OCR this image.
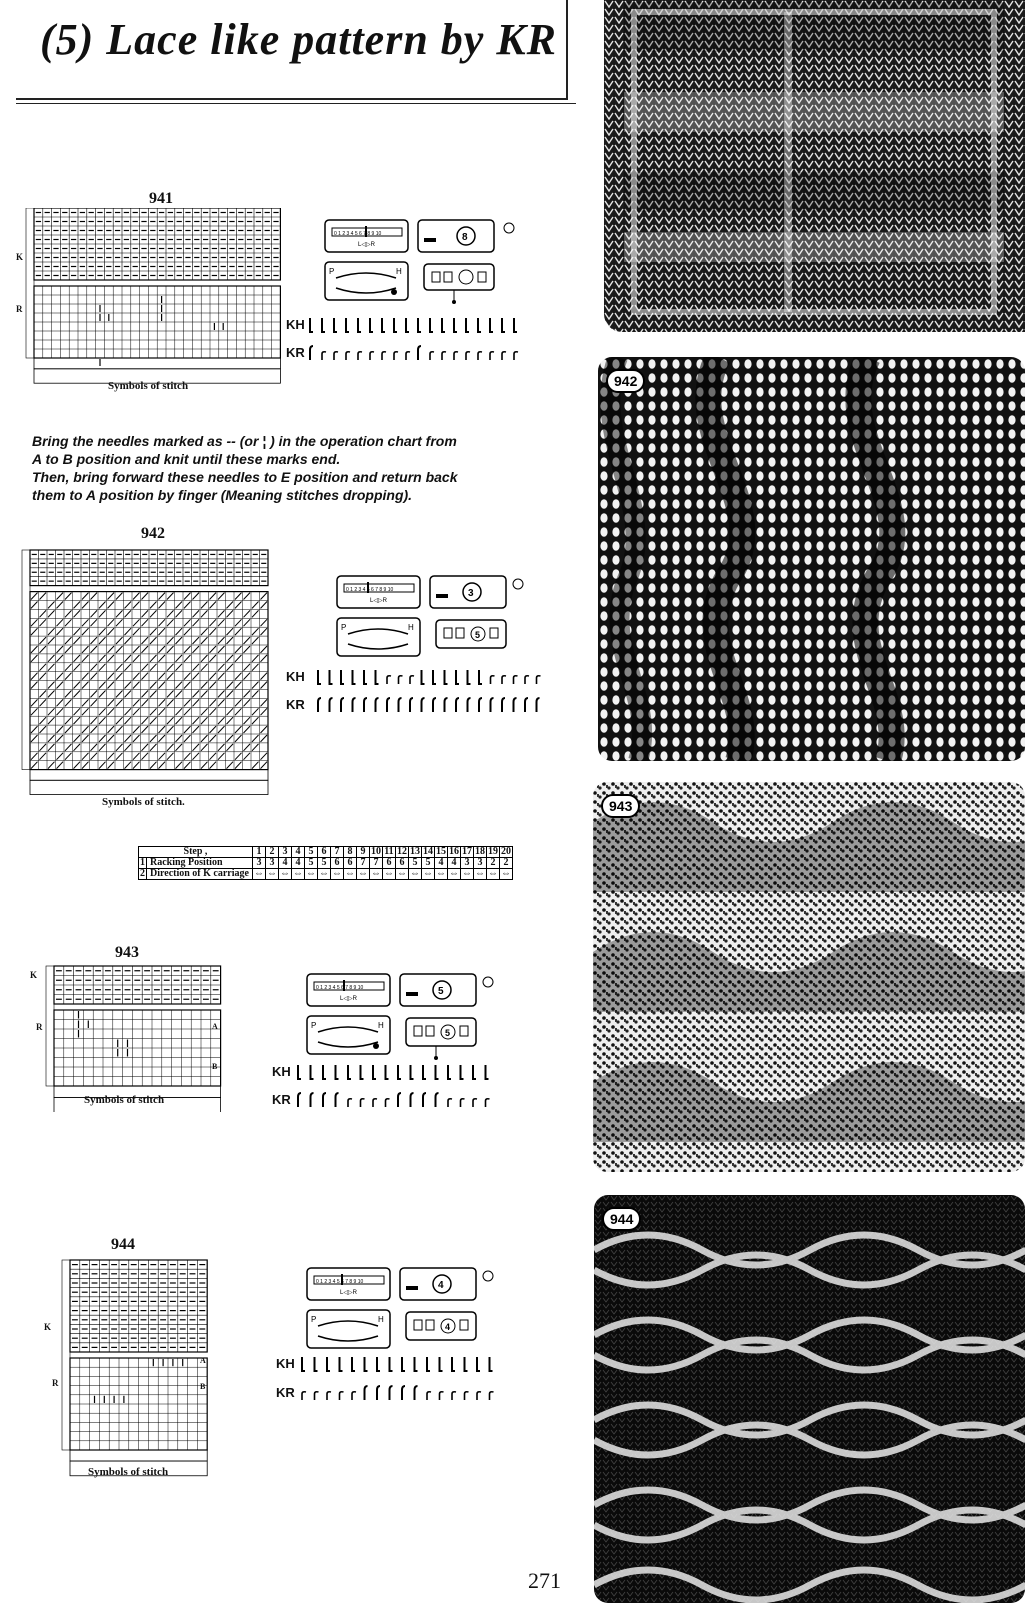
(5) Lace like pattern by KR
941
K
R
Symbols of stitch
0 1 2 3 4 5 6 7 8 9 10
L◁▷R
8
P	H
KH
KR

Bring the needles marked as -- (or ¦ ) in the operation chart from

A to B position and knit until these marks end.

Then, bring forward these needles to E position and return back

them to A position by finger (Meaning stitches dropping).

942
Symbols of stitch.
0 1 2 3 4 5 6 7 8 9 10
L◁▷R
3
P	H
5
KH
KR
Step ,		1	2	3	4	5	6	7	8	9	10	11	12	13	14	15	16	17	18	19	20
1	Racking Position	3	3	4	4	5	5	6	6	7	7	6	6	5	5	4	4	3	3	2	2
2	Direction of K carriage	⇔	⇔	⇔	⇔	⇔	⇔	⇔	⇔	⇔	⇔	⇔	⇔	⇔	⇔	⇔	⇔	⇔	⇔	⇔	⇔
943
K
R	A
B
Symbols of stitch
0 1 2 3 4 5 6 7 8 9 10
L◁▷R
5
P	H
5
KH
KR
944
K
R
A
B
Symbols of stitch
0 1 2 3 4 5 6 7 8 9 10
L◁▷R
4
P	H
4
KH
KR
271
942
943
944
